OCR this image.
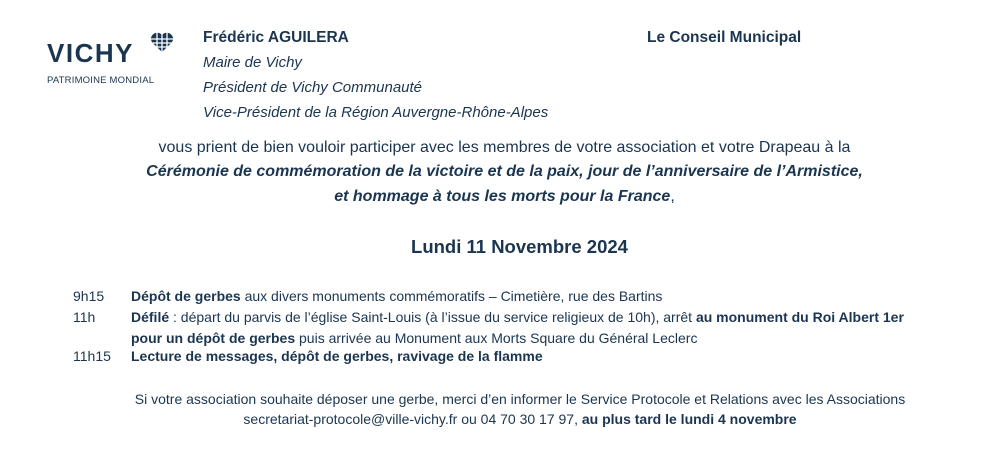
VICHY
PATRIMOINE MONDIAL
Frédéric AGUILERA
Maire de Vichy
Président de Vichy Communauté
Vice-Président de la Région Auvergne-Rhône-Alpes
Le Conseil Municipal
vous prient de bien vouloir participer avec les membres de votre association et votre Drapeau à la
Cérémonie de commémoration de la victoire et de la paix, jour de l’anniversaire de l’Armistice,
et hommage à tous les morts pour la France,
Lundi 11 Novembre 2024
9h15 Dépôt de gerbes aux divers monuments commémoratifs – Cimetière, rue des Bartins
11h	Défilé : départ du parvis de l’église Saint-Louis (à l’issue du service religieux de 10h), arrêt au monument du Roi Albert 1er
pour un dépôt de gerbes puis arrivée au Monument aux Morts Square du Général Leclerc
11h15 Lecture de messages, dépôt de gerbes, ravivage de la flamme
Si votre association souhaite déposer une gerbe, merci d’en informer le Service Protocole et Relations avec les Associations
secretariat-protocole@ville-vichy.fr ou 04 70 30 17 97, au plus tard le lundi 4 novembre
